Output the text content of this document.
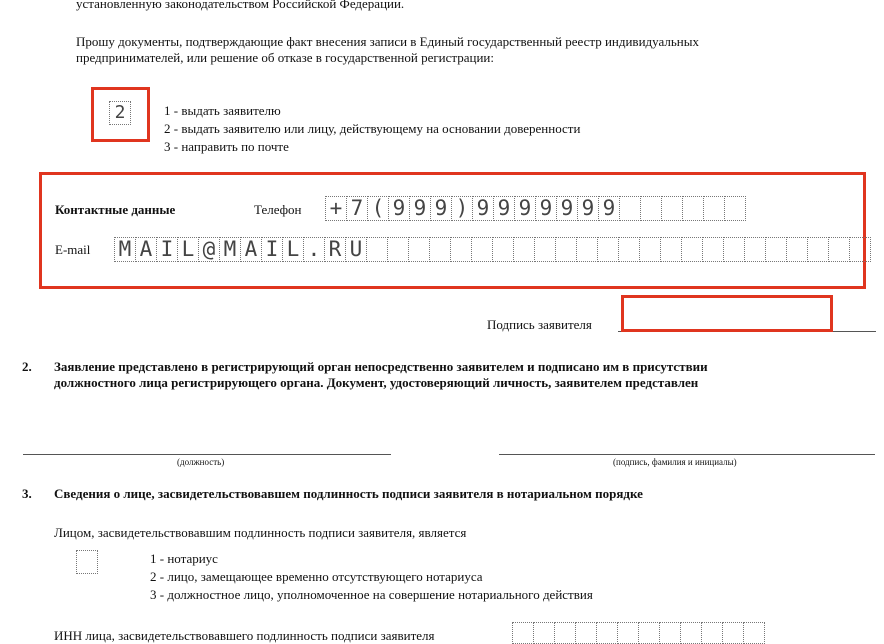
установленную законодательством Российской Федерации.
Прошу документы, подтверждающие факт внесения записи в Единый государственный реестр индивидуальных
предпринимателей, или решение об отказе в государственной регистрации:
2	1 - выдать заявителю
2 - выдать заявителю или лицу, действующему на основании доверенности
3 - направить по почте
Контактные данные	Телефон + 7 ( 9 9 9 ) 9 9 9 9 9 9 9
E-mail M A I L @ M A I L . R U
Подпись заявителя
2. Заявление представлено в регистрирующий орган непосредственно заявителем и подписано им в присутствии
должностного лица регистрирующего органа. Документ, удостоверяющий личность, заявителем представлен
(должность)	(подпись, фамилия и инициалы)
3. Сведения о лице, засвидетельствовавшем подлинность подписи заявителя в нотариальном порядке
Лицом, засвидетельствовавшим подлинность подписи заявителя, является
1 - нотариус
2 - лицо, замещающее временно отсутствующего нотариуса
3 - должностное лицо, уполномоченное на совершение нотариального действия
ИНН лица, засвидетельствовавшего подлинность подписи заявителя
